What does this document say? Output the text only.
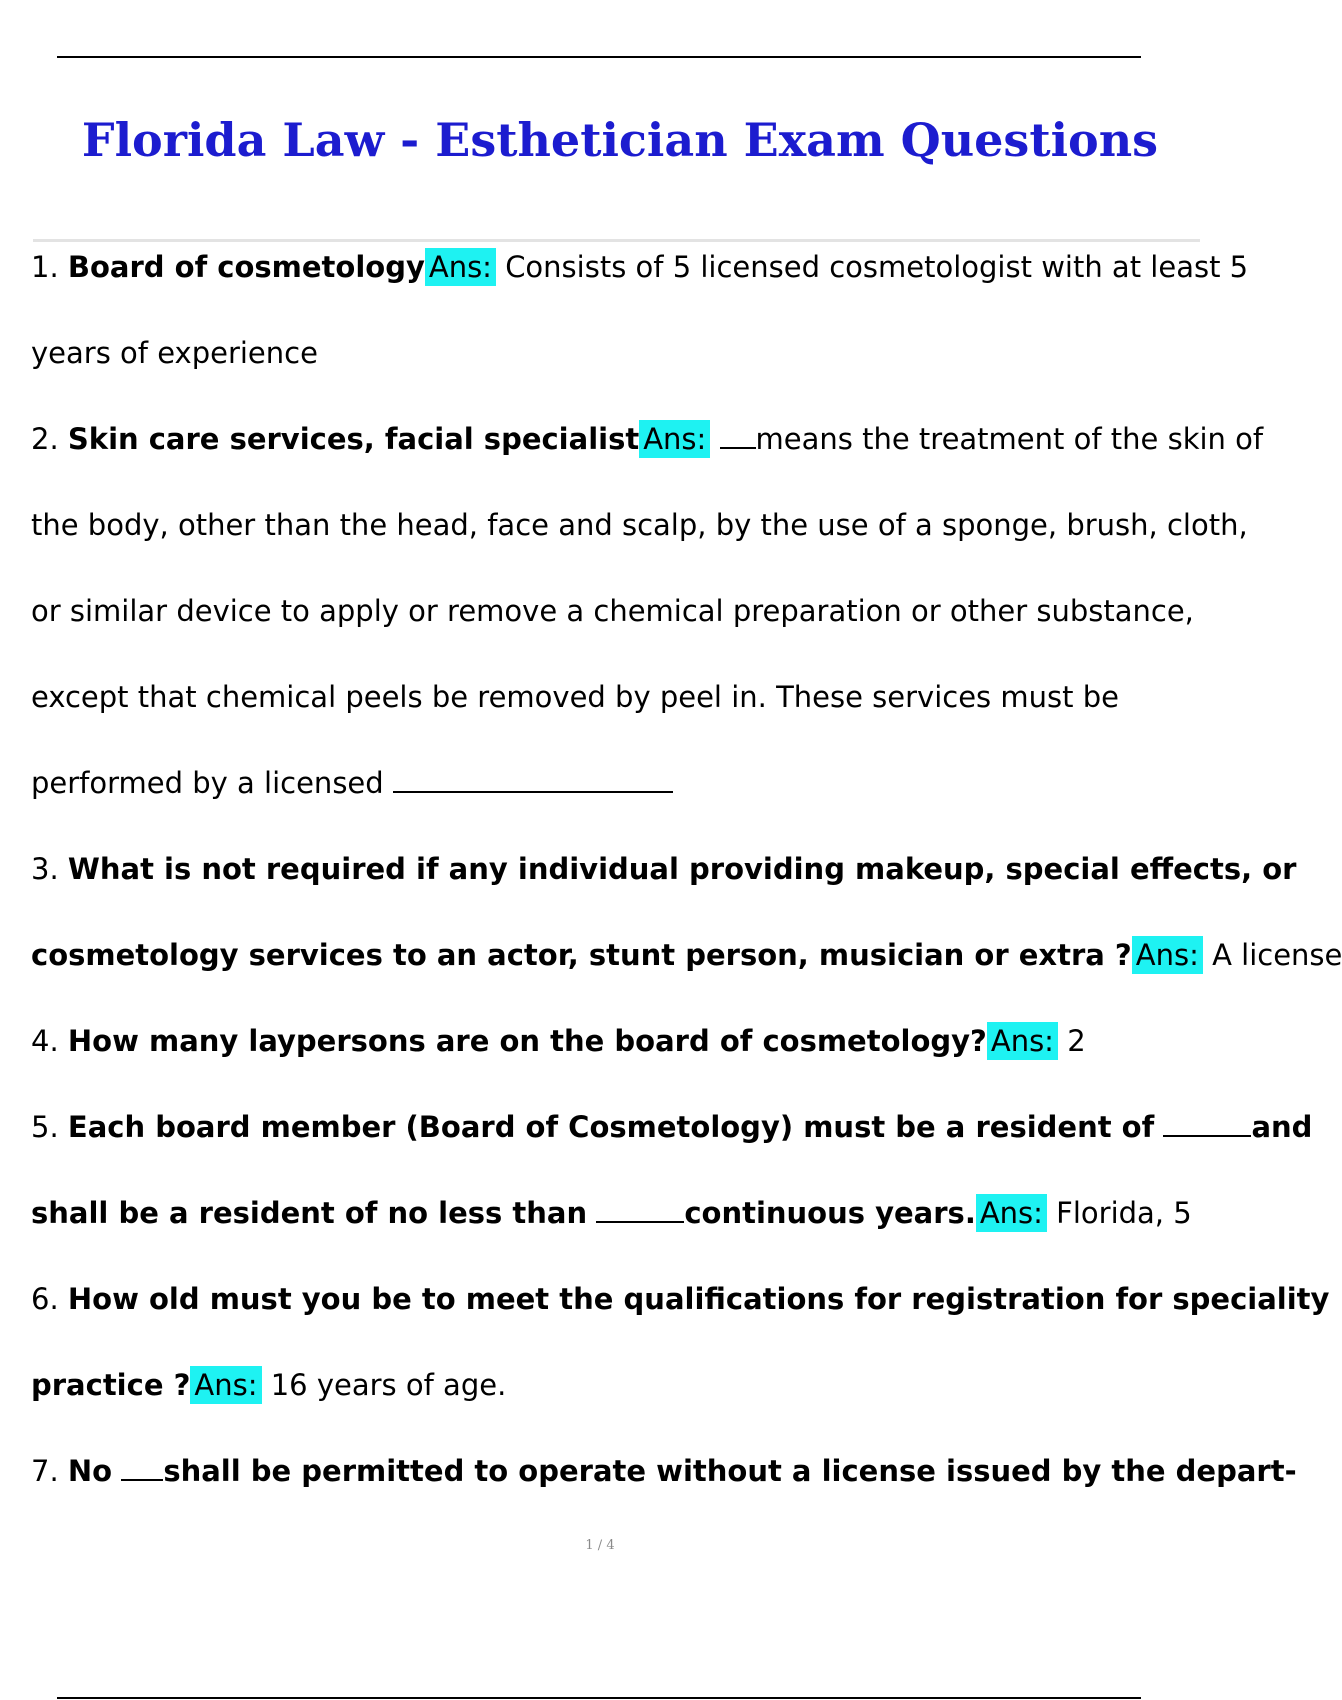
Florida Law - Esthetician Exam Questions
1. Board of cosmetology Ans: Consists of 5 licensed cosmetologist with at least 5
years of experience
2. Skin care services, facial specialist Ans: means the treatment of the skin of
the body, other than the head, face and scalp, by the use of a sponge, brush, cloth,
or similar device to apply or remove a chemical preparation or other substance,
except that chemical peels be removed by peel in. These services must be
performed by a licensed
3. What is not required if any individual providing makeup, special effects, or
cosmetology services to an actor, stunt person, musician or extra ? Ans: A license
4. How many laypersons are on the board of cosmetology? Ans: 2
5. Each board member (Board of Cosmetology) must be a resident of	and
shall be a resident of no less than	continuous years. Ans: Florida, 5
6. How old must you be to meet the qualifications for registration for speciality
practice ? Ans: 16 years of age.
7. No shall be permitted to operate without a license issued by the depart-
1 / 4
